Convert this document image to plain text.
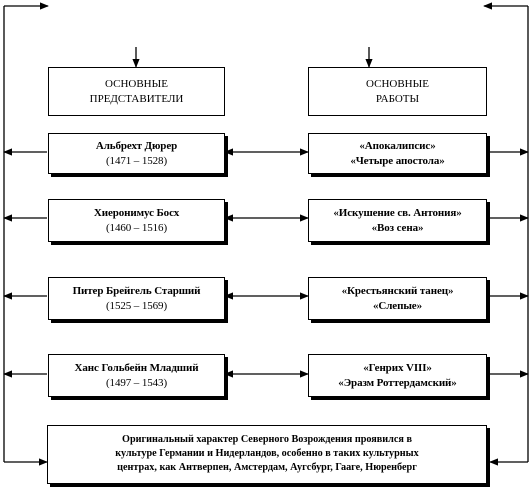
ОСНОВНЫЕ
ПРЕДСТАВИТЕЛИ
ОСНОВНЫЕ
РАБОТЫ
Альбрехт Дюрер
(1471 – 1528)
«Апокалипсис»
«Четыре апостола»
Хиеронимус Босх
(1460 – 1516)
«Искушение св. Антония»
«Воз сена»
Питер Брейгель Старший
(1525 – 1569)
«Крестьянский танец»
«Слепые»
Ханс Гольбейн Младший
(1497 – 1543)
«Генрих VIII»
«Эразм Роттердамский»
Оригинальный характер Северного Возрождения проявился в
культуре Германии и Нидерландов, особенно в таких культурных
центрах, как Антверпен, Амстердам, Аугсбург, Гааге, Нюренберг
